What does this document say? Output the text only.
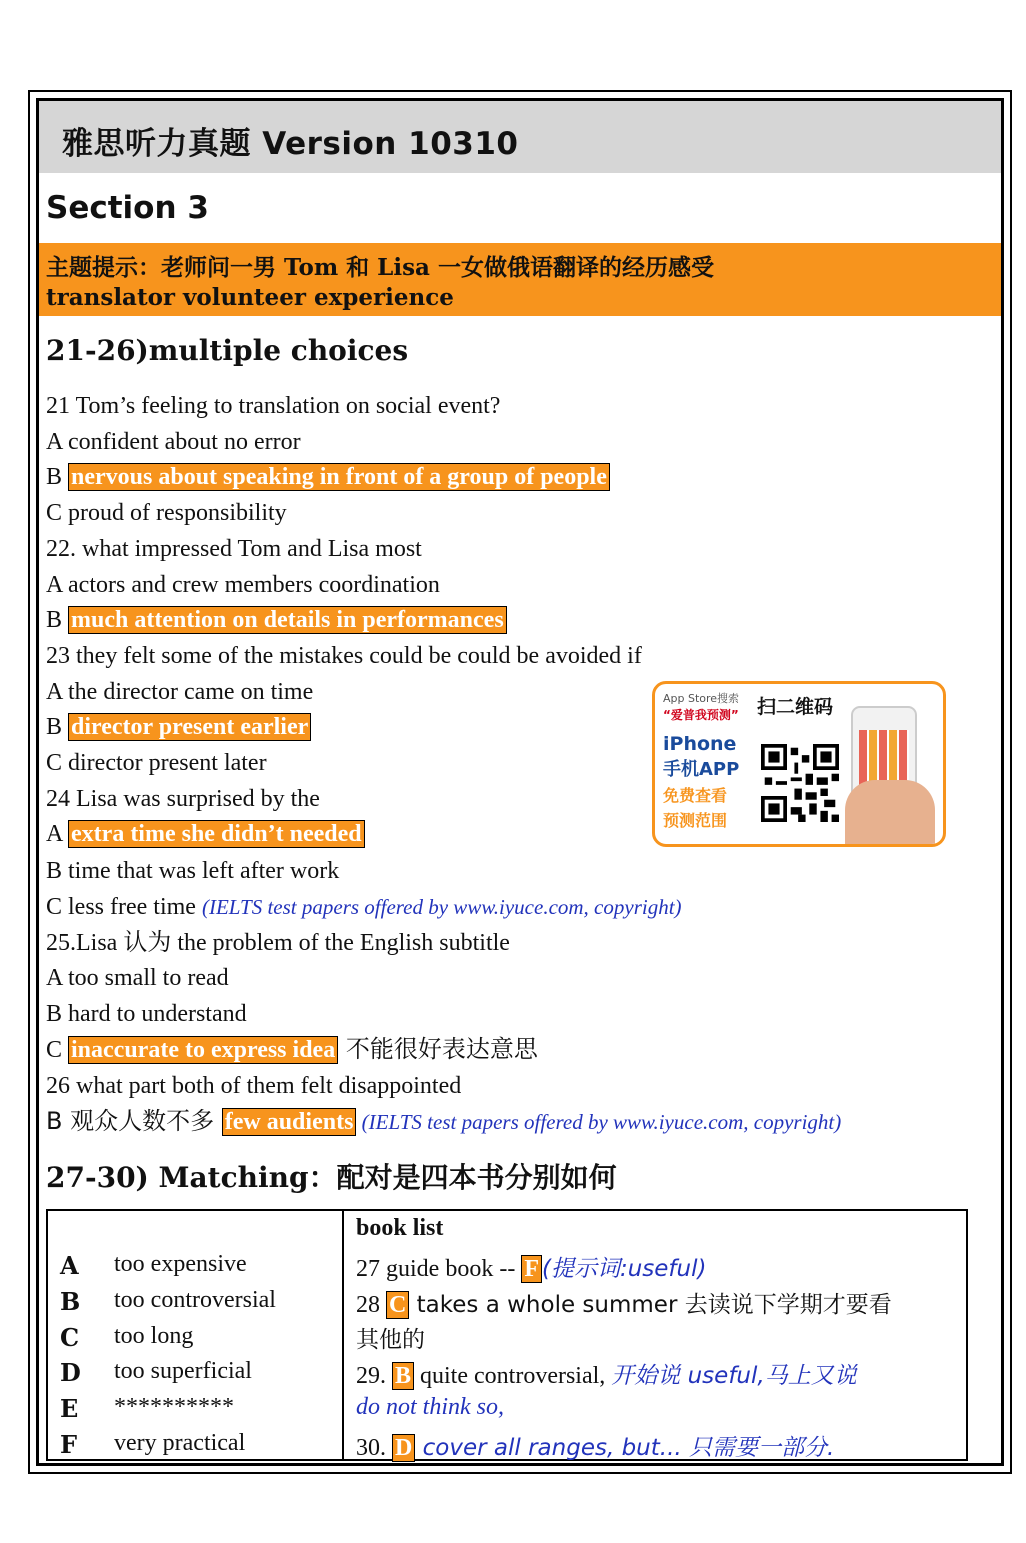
雅思听力真题 Version 10310
Section 3
主题提示：老师问一男 Tom 和 Lisa 一女做俄语翻译的经历感受
translator volunteer experience
21-26)multiple choices
21 Tom’s feeling to translation on social event?
A confident about no error
B nervous about speaking in front of a group of people
C proud of responsibility
22. what impressed Tom and Lisa most
A actors and crew members coordination
B much attention on details in performances
23 they felt some of the mistakes could be could be avoided if
A the director came on time
B director present earlier
C director present later
24 Lisa was surprised by the
A extra time she didn’t needed
B time that was left after work
C less free time (IELTS test papers offered by www.iyuce.com, copyright)
25.Lisa 认为 the problem of the English subtitle
A too small to read
B hard to understand
C inaccurate to express idea 不能很好表达意思
26 what part both of them felt disappointed
B 观众人数不多 few audients (IELTS test papers offered by www.iyuce.com, copyright)
App Store搜索
“爱普我预测”
iPhone
手机APP
免费查看
预测范围
扫二维码
27-30) Matching：配对是四本书分别如何
A too expensive
B too controversial
C too long
D too superficial
E **********
F very practical
book list
27 guide book -- F (提示词:useful)
28 C takes a whole summer 去读说下学期才要看
其他的
29. B quite controversial, 开始说 useful,马上又说
do not think so,
30. D cover all ranges, but... 只需要一部分.
